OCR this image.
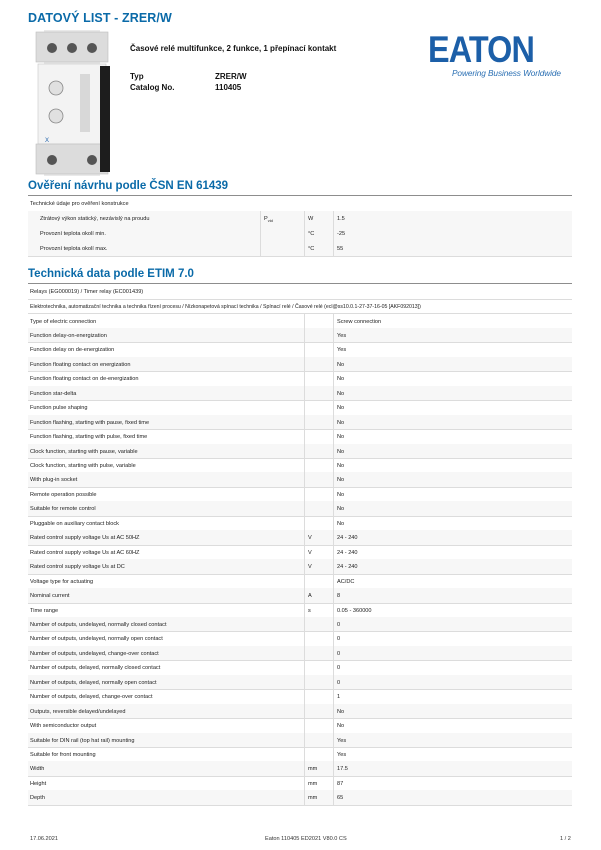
DATOVÝ LIST - ZRER/W
X
Časové relé multifunkce, 2 funkce, 1 přepínací kontakt
Typ	ZRER/W
Catalog No.	110405
EATON
Powering Business Worldwide
Ověření návrhu podle ČSN EN 61439
Technické údaje pro ověření konstrukce
Ztrátový výkon statický, nezávislý na proudu	$P_{vid}$	W	1.5
Provozní teplota okolí min.	°C	-25
Provozní teplota okolí max.	°C	55
Technická data podle ETIM 7.0
Relays (EG000019) / Timer relay (EC001439)
Elektrotechnika, automatizační technika a technika řízení procesu / Nízkonapetová spínací technika / Spínací relé / Časové relé (ecl@ss10.0.1-27-37-16-05 [AKF092013])
Type of electric connection	Screw connection
Function delay-on-energization	Yes
Function delay on de-energization	Yes
Function floating contact on energization	No
Function floating contact on de-energization	No
Function star-delta	No
Function pulse shaping	No
Function flashing, starting with pause, fixed time	No
Function flashing, starting with pulse, fixed time	No
Clock function, starting with pause, variable	No
Clock function, starting with pulse, variable	No
With plug-in socket	No
Remote operation possible	No
Suitable for remote control	No
Pluggable on auxiliary contact block	No
Rated control supply voltage Us at AC 50HZ	V	24 - 240
Rated control supply voltage Us at AC 60HZ	V	24 - 240
Rated control supply voltage Us at DC	V	24 - 240
Voltage type for actuating	AC/DC
Nominal current	A	8
Time range	s	0.05 - 360000
Number of outputs, undelayed, normally closed contact	0
Number of outputs, undelayed, normally open contact	0
Number of outputs, undelayed, change-over contact	0
Number of outputs, delayed, normally closed contact	0
Number of outputs, delayed, normally open contact	0
Number of outputs, delayed, change-over contact	1
Outputs, reversible delayed/undelayed	No
With semiconductor output	No
Suitable for DIN rail (top hat rail) mounting	Yes
Suitable for front mounting	Yes
Width	mm	17.5
Height	mm	87
Depth	mm	65
17.06.2021	Eaton 110405 ED2021 V80.0 CS	1 / 2
